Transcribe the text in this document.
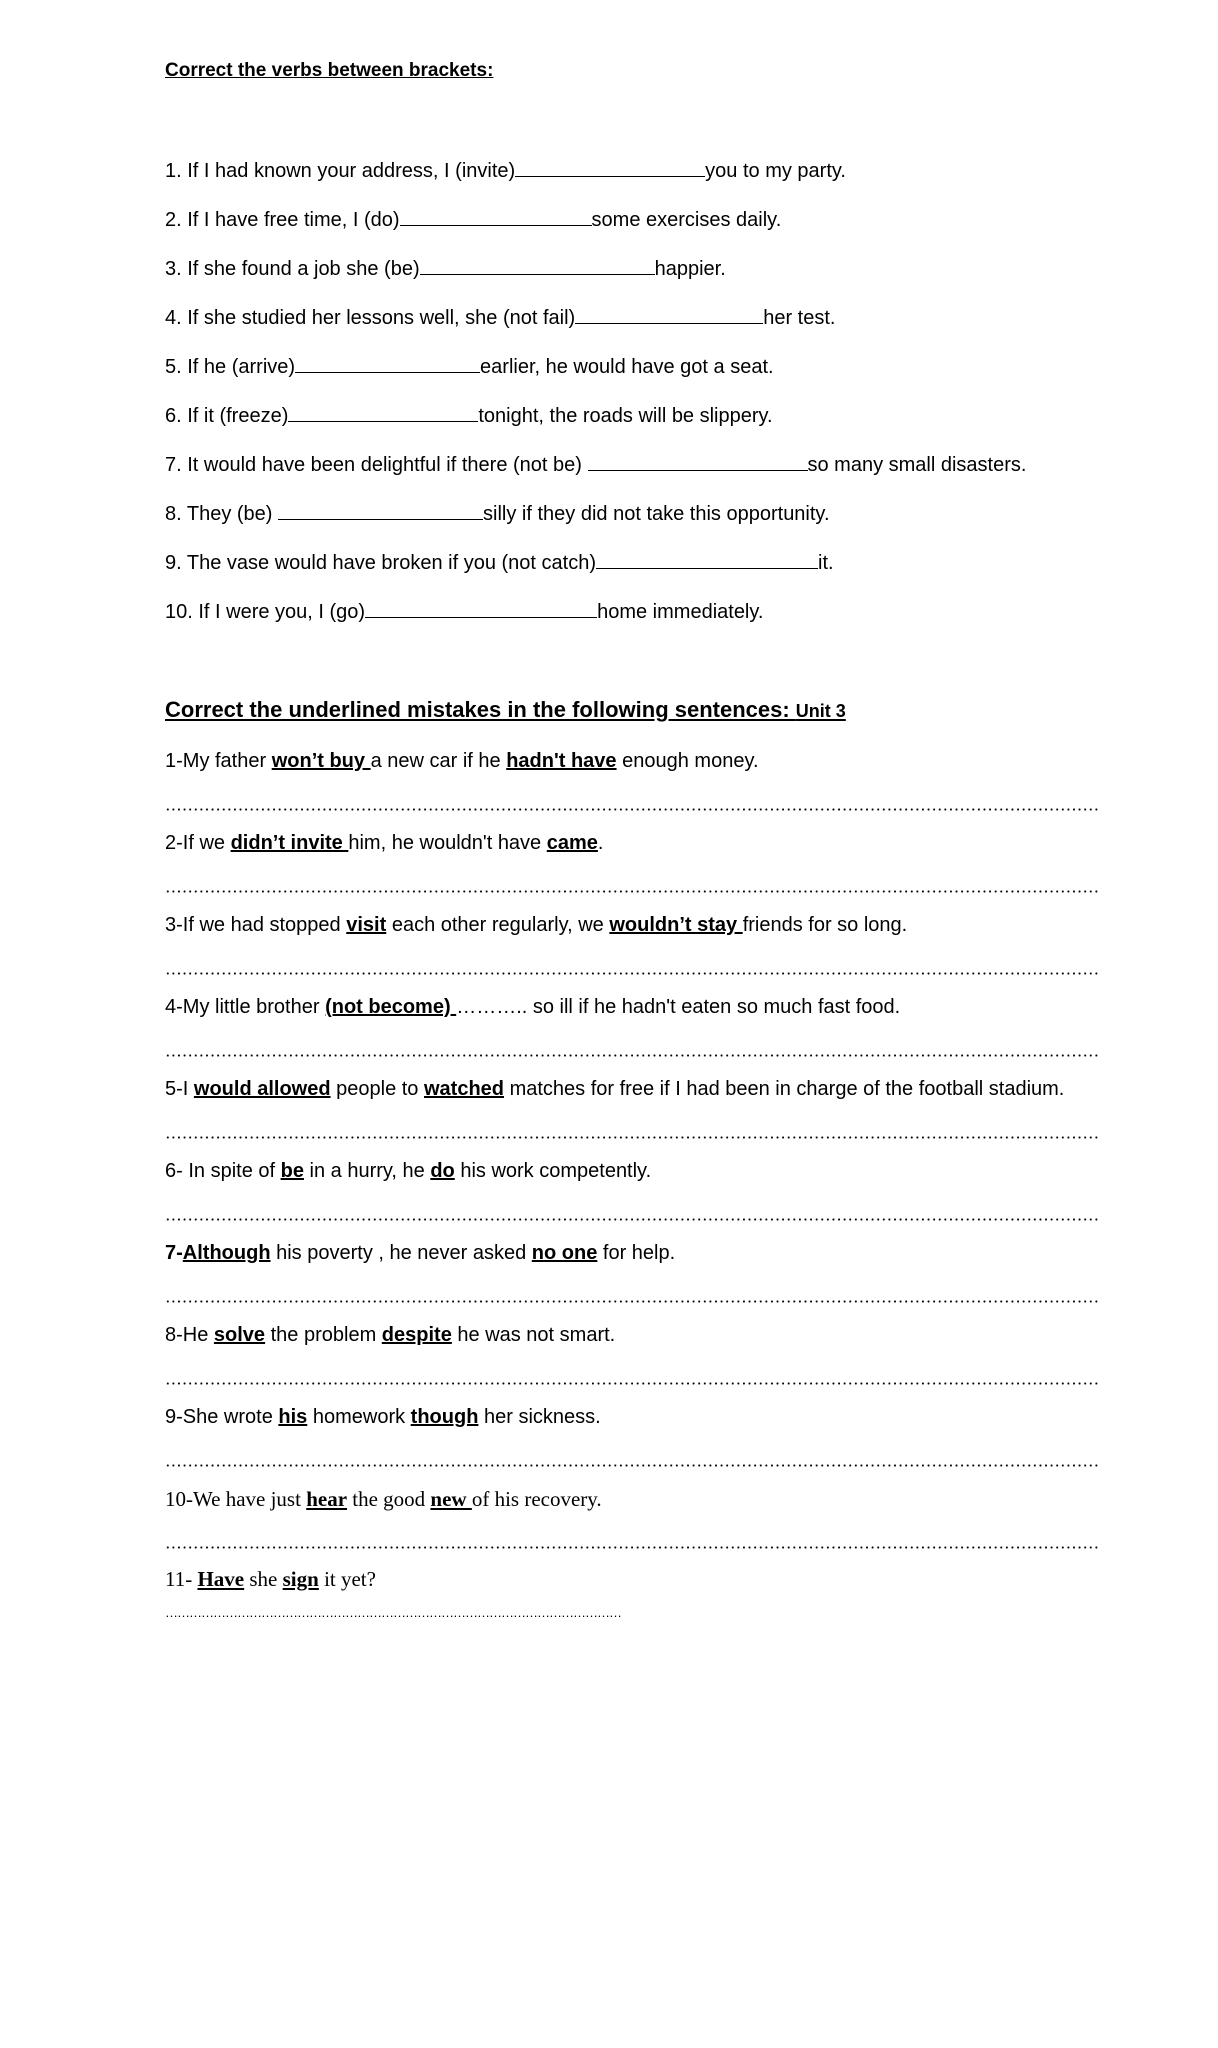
Correct the verbs between brackets:
1. If I had known your address, I (invite)	you to my party.
2. If I have free time, I (do)	some exercises daily.
3. If she found a job she (be)	happier.
4. If she studied her lessons well, she (not fail)	her test.
5. If he (arrive)	earlier, he would have got a seat.
6. If it (freeze)	tonight, the roads will be slippery.
7. It would have been delightful if there (not be)	so many small disasters.
8. They (be)	silly if they did not take this opportunity.
9. The vase would have broken if you (not catch)	it.
10. If I were you, I (go)	home immediately.
Correct the underlined mistakes in the following sentences: Unit 3
1-My father won’t buy a new car if he hadn't have enough money.
2-If we didn’t invite him, he wouldn't have came.
3-If we had stopped visit each other regularly, we wouldn’t stay friends for so long.
4-My little brother (not become) ……….. so ill if he hadn't eaten so much fast food.
5-I would allowed people to watched matches for free if I had been in charge of the football stadium.
6- In spite of be in a hurry, he do his work competently.
7-Although his poverty , he never asked no one for help.
8-He solve the problem despite he was not smart.
9-She wrote his homework though her sickness.
10-We have just hear the good new of his recovery.
11- Have she sign it yet?
……………………………………………………………………………………………………
